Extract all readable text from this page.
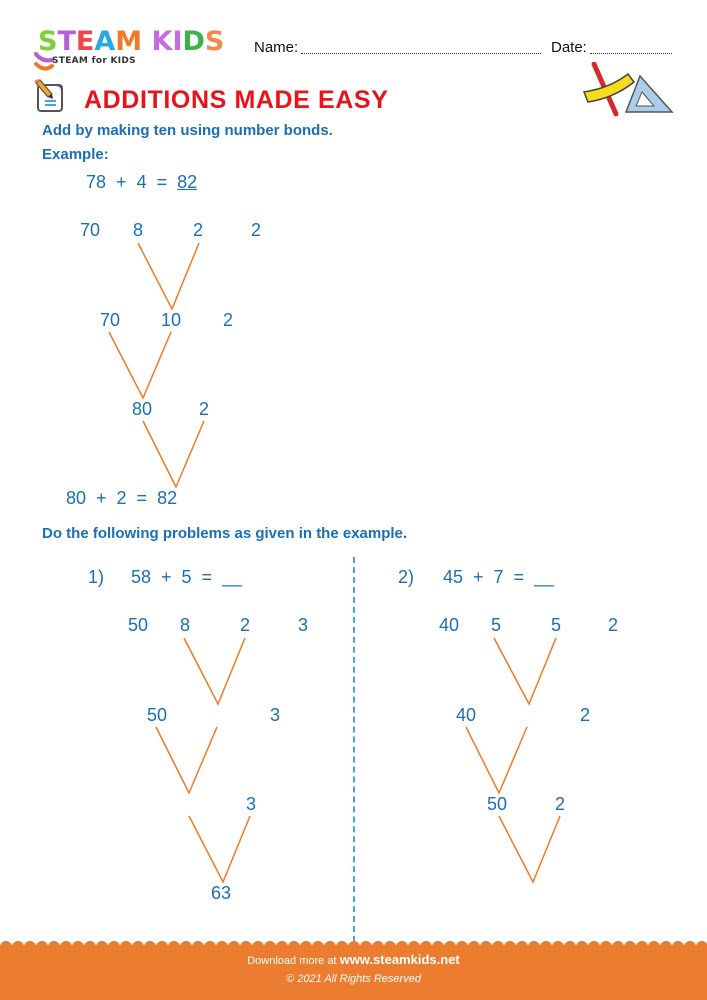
STEAM KIDS
STEAM for KIDS
Name:	Date:
ADDITIONS MADE EASY
Add by making ten using number bonds.
Example:
78 + 4 = 82
70 8	2	2
70 10 2
80	2
80  +  2  =  82
Do the following problems as given in the example.
1) 58  +  5  =  __
50 8	2	3
50	3
3
63
2) 45  +  7  =  __
40 5	5	2
40	2
50	2
Download more at www.steamkids.net
© 2021 All Rights Reserved
